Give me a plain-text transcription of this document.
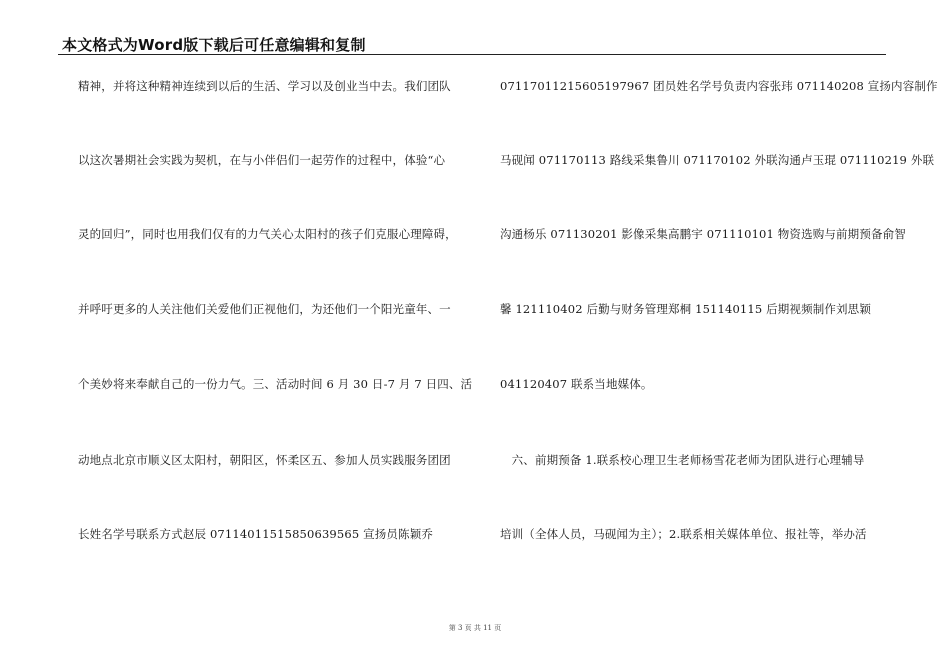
本文格式为Word版下载后可任意编辑和复制
精神，并将这种精神连续到以后的生活、学习以及创业当中去。我们团队
以这次暑期社会实践为契机，在与小伴侣们一起劳作的过程中，体验“心
灵的回归”，同时也用我们仅有的力气关心太阳村的孩子们克服心理障碍，
并呼吁更多的人关注他们关爱他们正视他们，为还他们一个阳光童年、一
个美妙将来奉献自己的一份力气。三、活动时间 6 月 30 日-7 月 7 日四、活
动地点北京市顺义区太阳村，朝阳区，怀柔区五、参加人员实践服务团团
长姓名学号联系方式赵辰 07114011515850639565 宣扬员陈颖乔
07117011215605197967 团员姓名学号负责内容张玮 071140208 宣扬内容制作
马砚闻 071170113 路线采集鲁川 071170102 外联沟通卢玉琨 071110219 外联
沟通杨乐 071130201 影像采集高鹏宇 071110101 物资选购与前期预备俞智
馨 121110402 后勤与财务管理郑桐 151140115 后期视频制作刘思颖
041120407 联系当地媒体。
　六、前期预备 1.联系校心理卫生老师杨雪花老师为团队进行心理辅导
培训（全体人员，马砚闻为主）；2.联系相关媒体单位、报社等，举办活
第 3 页 共 11 页
